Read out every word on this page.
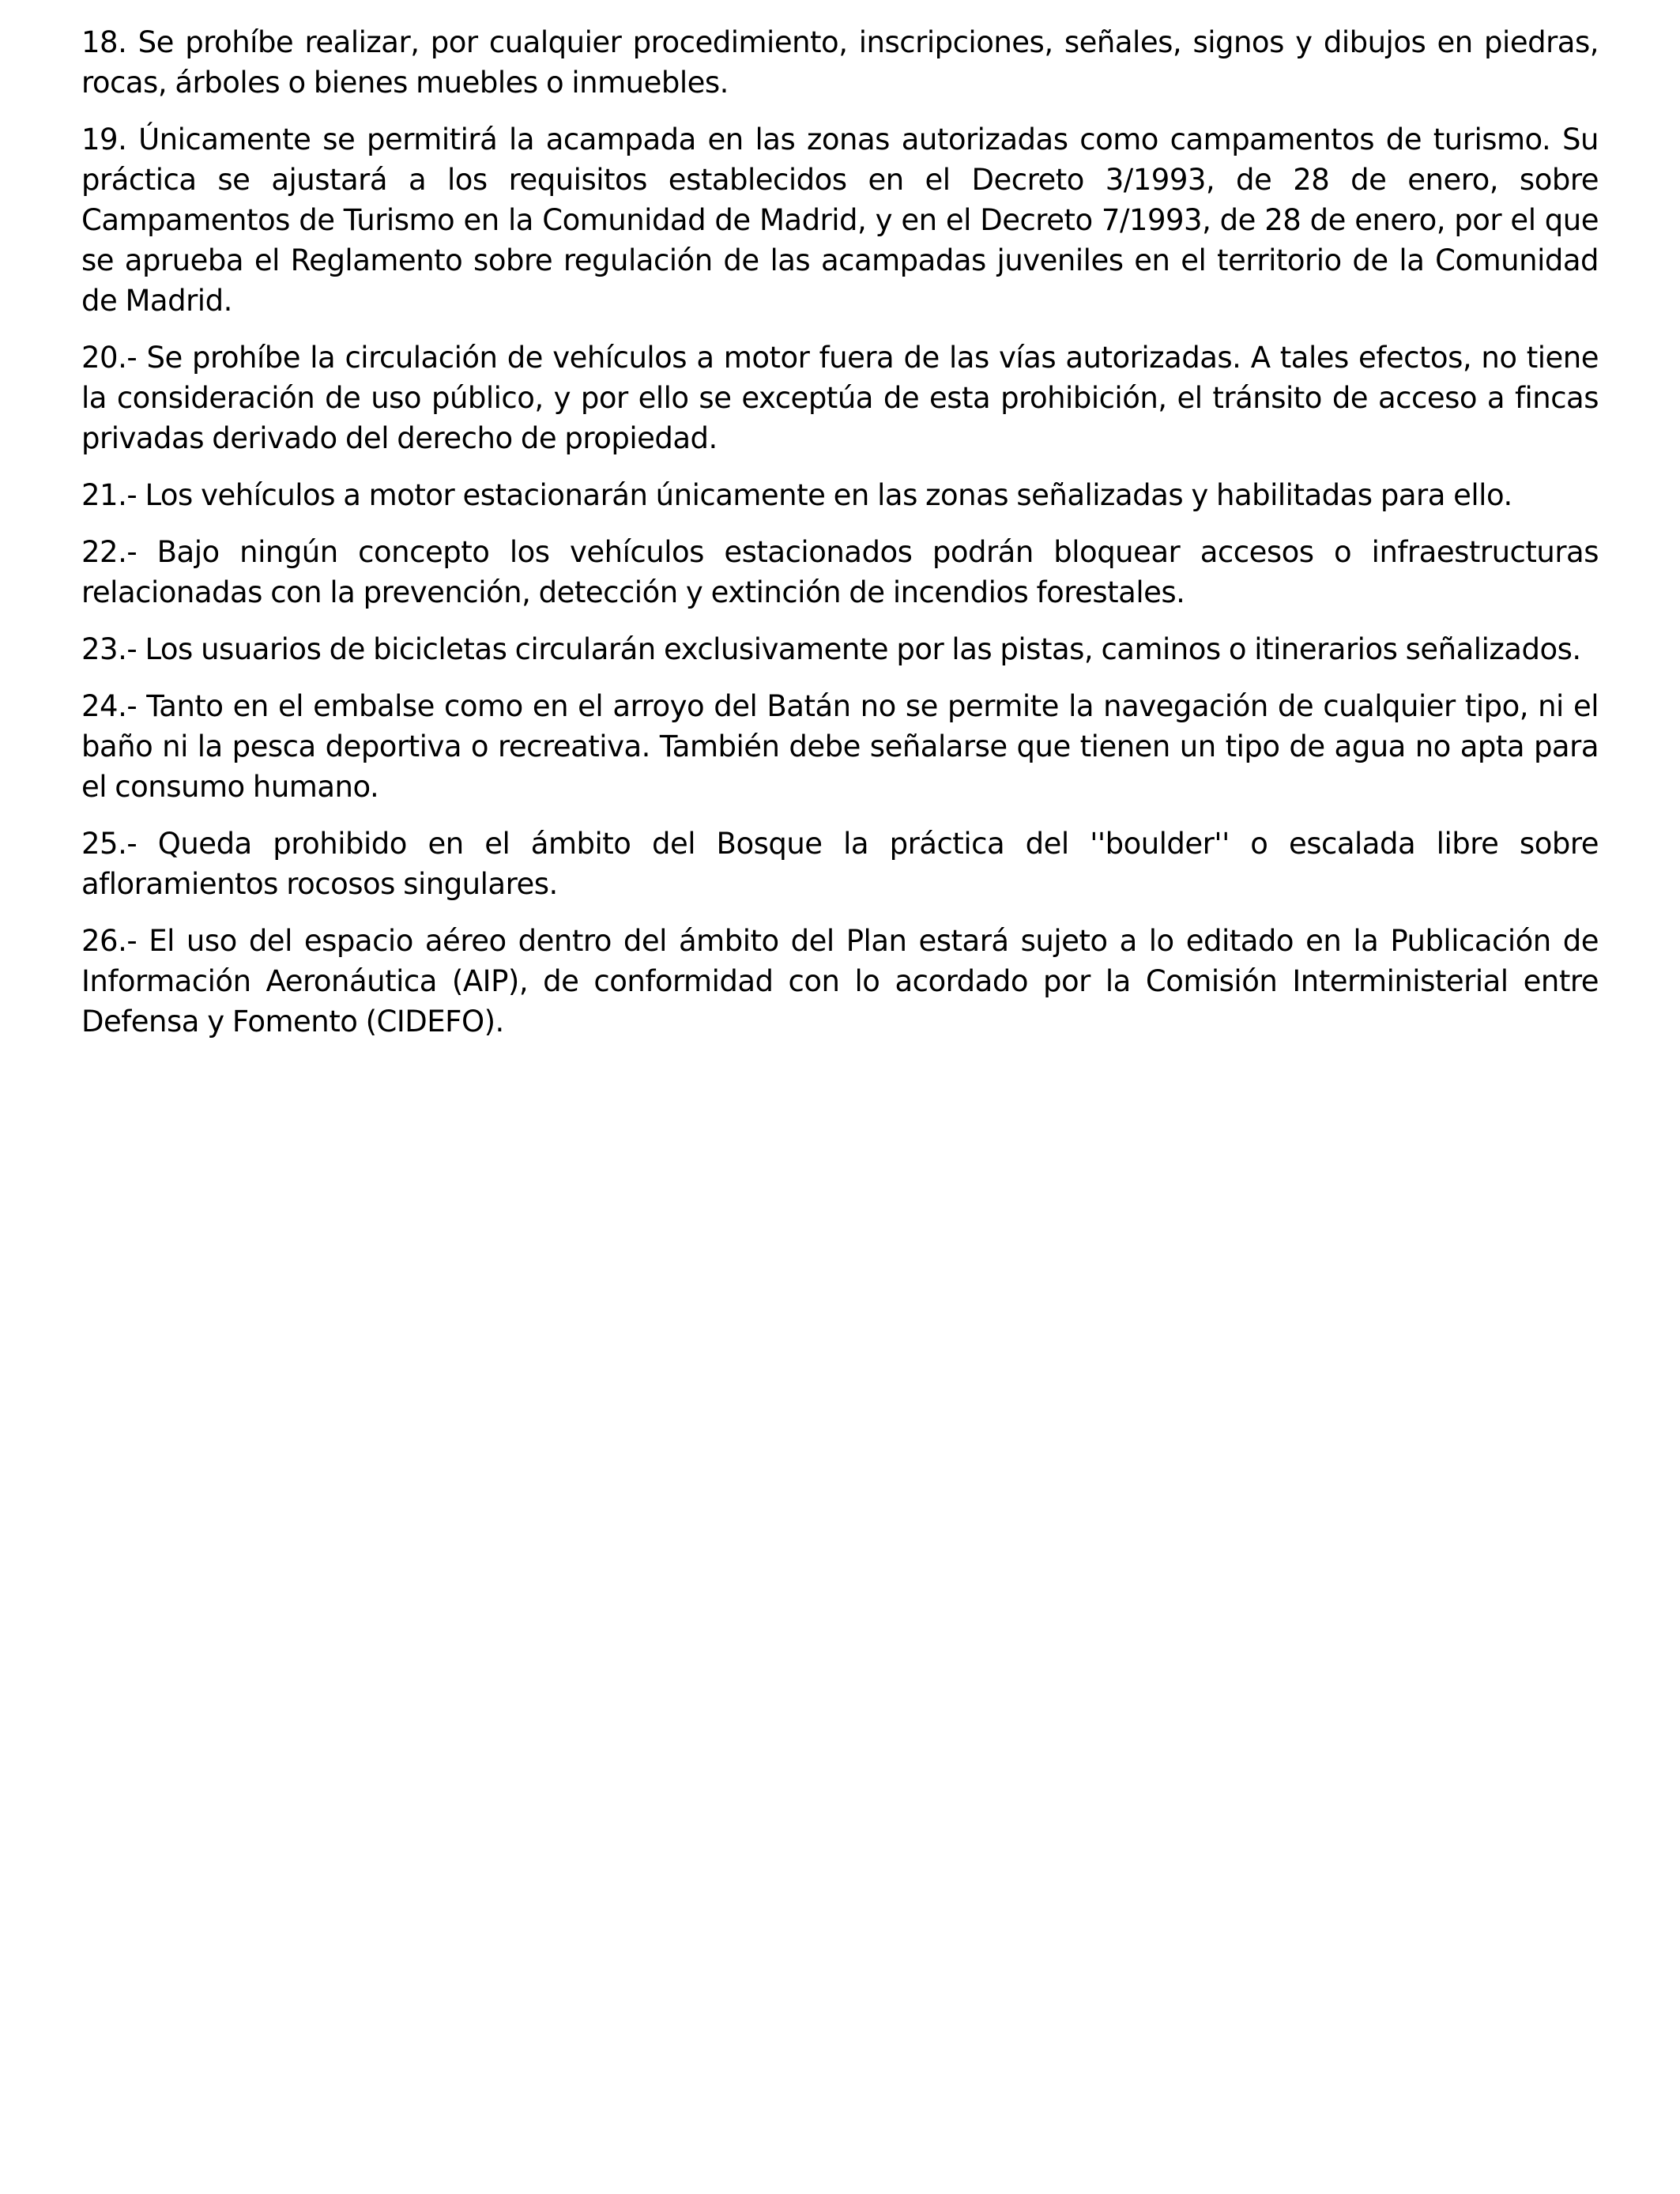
18. Se prohíbe realizar, por cualquier procedimiento, inscripciones, señales, signos y dibujos en piedras, rocas, árboles o bienes muebles o inmuebles.

19. Únicamente se permitirá la acampada en las zonas autorizadas como campamentos de turismo. Su práctica se ajustará a los requisitos establecidos en el Decreto 3/1993, de 28 de enero, sobre Campamentos de Turismo en la Comunidad de Madrid, y en el Decreto 7/1993, de 28 de enero, por el que se aprueba el Reglamento sobre regulación de las acampadas juveniles en el territorio de la Comunidad de Madrid.

20.- Se prohíbe la circulación de vehículos a motor fuera de las vías autorizadas. A tales efectos, no tiene la consideración de uso público, y por ello se exceptúa de esta prohibición, el tránsito de acceso a fincas privadas derivado del derecho de propiedad.

21.- Los vehículos a motor estacionarán únicamente en las zonas señalizadas y habilitadas para ello.

22.- Bajo ningún concepto los vehículos estacionados podrán bloquear accesos o infraestructuras relacionadas con la prevención, detección y extinción de incendios forestales.

23.- Los usuarios de bicicletas circularán exclusivamente por las pistas, caminos o itinerarios señalizados.

24.- Tanto en el embalse como en el arroyo del Batán no se permite la navegación de cualquier tipo, ni el baño ni la pesca deportiva o recreativa. También debe señalarse que tienen un tipo de agua no apta para el consumo humano.

25.- Queda prohibido en el ámbito del Bosque la práctica del ''boulder'' o escalada libre sobre afloramientos rocosos singulares.

26.- El uso del espacio aéreo dentro del ámbito del Plan estará sujeto a lo editado en la Publicación de Información Aeronáutica (AIP), de conformidad con lo acordado por la Comisión Interministerial entre Defensa y Fomento (CIDEFO).
